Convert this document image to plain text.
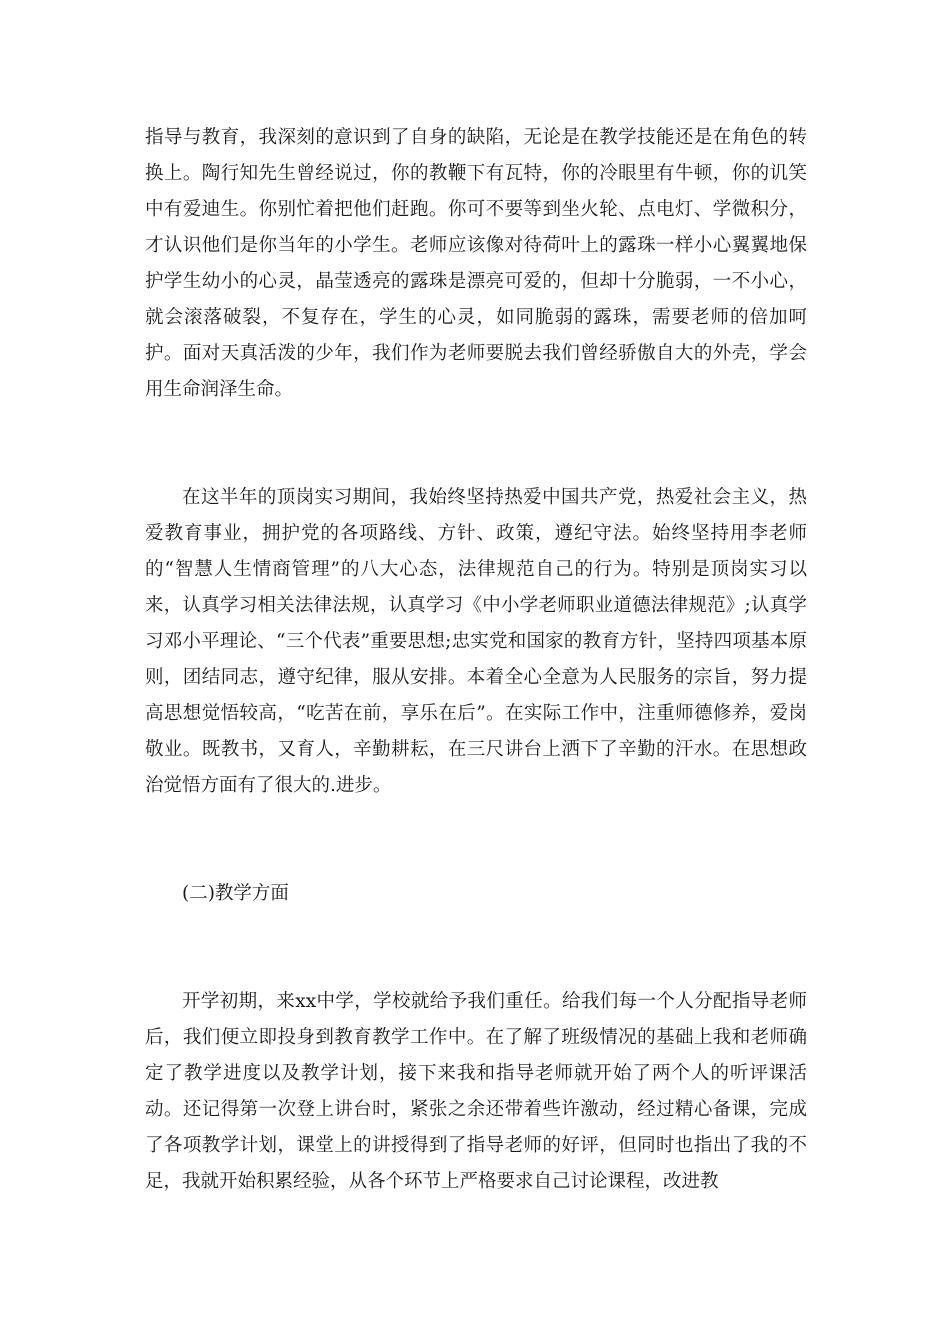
指导与教育，我深刻的意识到了自身的缺陷，无论是在教学技能还是在角色的转换上。陶行知先生曾经说过，你的教鞭下有瓦特，你的冷眼里有牛顿，你的讥笑中有爱迪生。你别忙着把他们赶跑。你可不要等到坐火轮、点电灯、学微积分，才认识他们是你当年的小学生。老师应该像对待荷叶上的露珠一样小心翼翼地保护学生幼小的心灵，晶莹透亮的露珠是漂亮可爱的，但却十分脆弱，一不小心，就会滚落破裂，不复存在，学生的心灵，如同脆弱的露珠，需要老师的倍加呵护。面对天真活泼的少年，我们作为老师要脱去我们曾经骄傲自大的外壳，学会用生命润泽生命。

在这半年的顶岗实习期间，我始终坚持热爱中国共产党，热爱社会主义，热爱教育事业，拥护党的各项路线、方针、政策，遵纪守法。始终坚持用李老师的“智慧人生情商管理”的八大心态，法律规范自己的行为。特别是顶岗实习以来，认真学习相关法律法规，认真学习《中小学老师职业道德法律规范》;认真学习邓小平理论、“三个代表”重要思想;忠实党和国家的教育方针，坚持四项基本原则，团结同志，遵守纪律，服从安排。本着全心全意为人民服务的宗旨，努力提高思想觉悟较高，“吃苦在前，享乐在后”。在实际工作中，注重师德修养，爱岗敬业。既教书，又育人，辛勤耕耘，在三尺讲台上洒下了辛勤的汗水。在思想政治觉悟方面有了很大的.进步。

(二)教学方面

开学初期，来xx中学，学校就给予我们重任。给我们每一个人分配指导老师后，我们便立即投身到教育教学工作中。在了解了班级情况的基础上我和老师确定了教学进度以及教学计划，接下来我和指导老师就开始了两个人的听评课活动。还记得第一次登上讲台时，紧张之余还带着些许激动，经过精心备课，完成了各项教学计划，课堂上的讲授得到了指导老师的好评，但同时也指出了我的不足，我就开始积累经验，从各个环节上严格要求自己讨论课程，改进教
